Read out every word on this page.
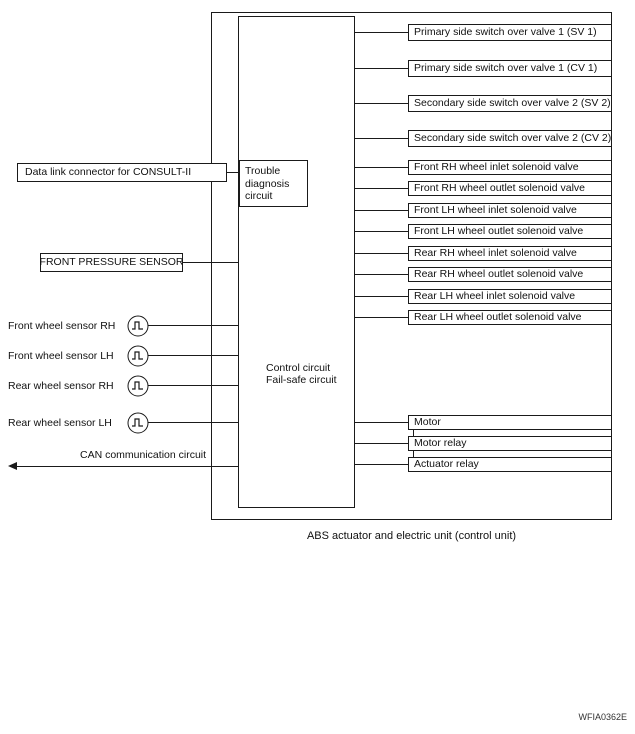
Control circuit
Fail-safe circuit
Trouble diagnosis circuit
Primary side switch over valve 1 (SV 1)
Primary side switch over valve 1 (CV 1)
Secondary side switch over valve 2 (SV 2)
Secondary side switch over valve 2 (CV 2)
Front RH wheel inlet solenoid valve
Front RH wheel outlet solenoid valve
Front LH wheel inlet solenoid valve
Front LH wheel outlet solenoid valve
Rear RH wheel inlet solenoid valve
Rear RH wheel outlet solenoid valve
Rear LH wheel inlet solenoid valve
Rear LH wheel outlet solenoid valve
Motor
Motor relay
Actuator relay
Data link connector for CONSULT-II
FRONT PRESSURE SENSOR
Front wheel sensor RH
Front wheel sensor LH
Rear wheel sensor RH
Rear wheel sensor LH
CAN communication circuit
ABS actuator and electric unit (control unit)
WFIA0362E
